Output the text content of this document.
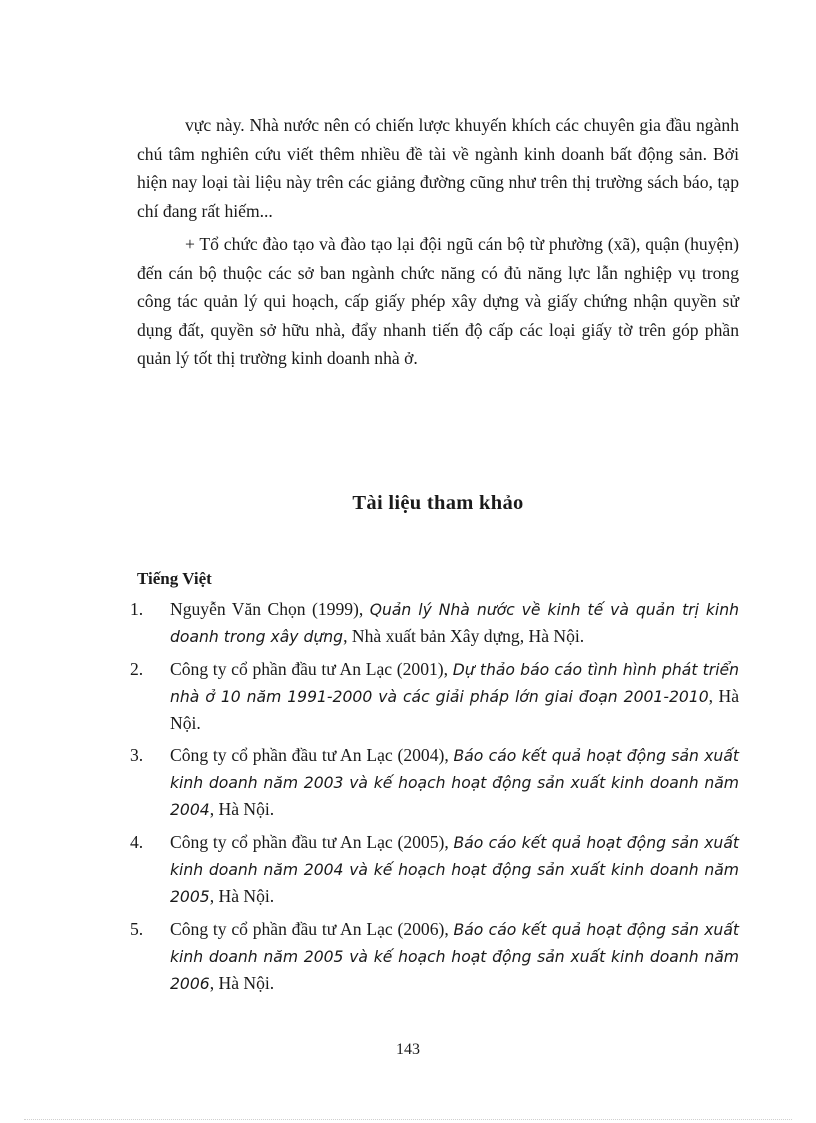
vực này. Nhà nước nên có chiến lược khuyến khích các chuyên gia đầu ngành chú tâm nghiên cứu viết thêm nhiều đề tài về ngành kinh doanh bất động sản. Bởi hiện nay loại tài liệu này trên các giảng đường cũng như trên thị trường sách báo, tạp chí đang rất hiếm...

+ Tổ chức đào tạo và đào tạo lại đội ngũ cán bộ từ phường (xã), quận (huyện) đến cán bộ thuộc các sở ban ngành chức năng có đủ năng lực lẫn nghiệp vụ trong công tác quản lý qui hoạch, cấp giấy phép xây dựng và giấy chứng nhận quyền sử dụng đất, quyền sở hữu nhà, đẩy nhanh tiến độ cấp các loại giấy tờ trên góp phần quản lý tốt thị trường kinh doanh nhà ở.

Tài liệu tham khảo
Tiếng Việt
1. Nguyễn Văn Chọn (1999), Quản lý Nhà nước về kinh tế và quản trị kinh doanh trong xây dựng, Nhà xuất bản Xây dựng, Hà Nội.
2. Công ty cổ phần đầu tư An Lạc (2001), Dự thảo báo cáo tình hình phát triển nhà ở 10 năm 1991-2000 và các giải pháp lớn giai đoạn 2001-2010, Hà Nội.
3. Công ty cổ phần đầu tư An Lạc (2004), Báo cáo kết quả hoạt động sản xuất kinh doanh năm 2003 và kế hoạch hoạt động sản xuất kinh doanh năm 2004, Hà Nội.
4. Công ty cổ phần đầu tư An Lạc (2005), Báo cáo kết quả hoạt động sản xuất kinh doanh năm 2004 và kế hoạch hoạt động sản xuất kinh doanh năm 2005, Hà Nội.
5. Công ty cổ phần đầu tư An Lạc (2006), Báo cáo kết quả hoạt động sản xuất kinh doanh năm 2005 và kế hoạch hoạt động sản xuất kinh doanh năm 2006, Hà Nội.

143
